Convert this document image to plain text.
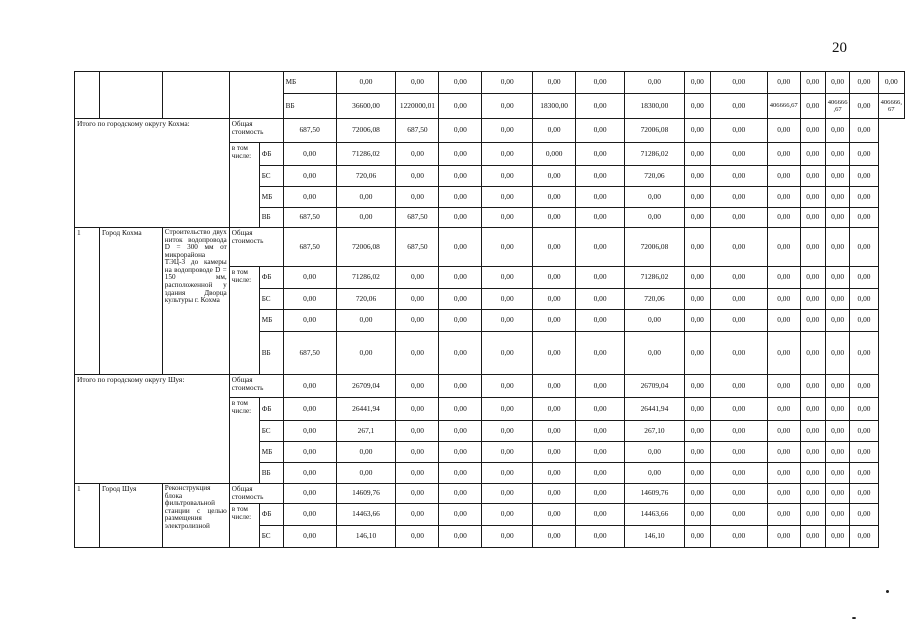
20
					МБ	0,00	0,00	0,00	0,00	0,00	0,00	0,00	0,00	0,00	0,00	0,00	0,00	0,00	0,00
					ВБ	36600,00	1220000,01	0,00	0,00	18300,00	0,00	18300,00	0,00	0,00	406666,67	0,00	406666 ,67	0,00	406666, 67
Итого по городскому округу Кохма:			Общая стоимость		687,50	72006,08	687,50	0,00	0,00	0,00	0,00	72006,08	0,00	0,00	0,00	0,00	0,00	0,00	
			в том числе:	ФБ	0,00	71286,02	0,00	0,00	0,00	0,000	0,00	71286,02	0,00	0,00	0,00	0,00	0,00	0,00	
				БС	0,00	720,06	0,00	0,00	0,00	0,00	0,00	720,06	0,00	0,00	0,00	0,00	0,00	0,00	
				МБ	0,00	0,00	0,00	0,00	0,00	0,00	0,00	0,00	0,00	0,00	0,00	0,00	0,00	0,00	
				ВБ	687,50	0,00	687,50	0,00	0,00	0,00	0,00	0,00	0,00	0,00	0,00	0,00	0,00	0,00	
1	Город Кохма	Строительство двух ниток водопровода D = 300 мм от микрорайона ТЭЦ-3 до камеры на водопроводе D = 150 мм, расположенной у здания Дворца культуры г. Кохма	Общая стоимость		687,50	72006,08	687,50	0,00	0,00	0,00	0,00	72006,08	0,00	0,00	0,00	0,00	0,00	0,00	
			в том числе:	ФБ	0,00	71286,02	0,00	0,00	0,00	0,00	0,00	71286,02	0,00	0,00	0,00	0,00	0,00	0,00	
				БС	0,00	720,06	0,00	0,00	0,00	0,00	0,00	720,06	0,00	0,00	0,00	0,00	0,00	0,00	
				МБ	0,00	0,00	0,00	0,00	0,00	0,00	0,00	0,00	0,00	0,00	0,00	0,00	0,00	0,00	
				ВБ	687,50	0,00	0,00	0,00	0,00	0,00	0,00	0,00	0,00	0,00	0,00	0,00	0,00	0,00	
Итого по городскому округу Шуя:			Общая стоимость		0,00	26709,04	0,00	0,00	0,00	0,00	0,00	26709,04	0,00	0,00	0,00	0,00	0,00	0,00	
			в том числе:	ФБ	0,00	26441,94	0,00	0,00	0,00	0,00	0,00	26441,94	0,00	0,00	0,00	0,00	0,00	0,00	
				БС	0,00	267,1	0,00	0,00	0,00	0,00	0,00	267,10	0,00	0,00	0,00	0,00	0,00	0,00	
				МБ	0,00	0,00	0,00	0,00	0,00	0,00	0,00	0,00	0,00	0,00	0,00	0,00	0,00	0,00	
				ВБ	0,00	0,00	0,00	0,00	0,00	0,00	0,00	0,00	0,00	0,00	0,00	0,00	0,00	0,00	
1	Город Шуя	Реконструкция блока фильтровальной станции с целью размещения электролизной	Общая стоимость		0,00	14609,76	0,00	0,00	0,00	0,00	0,00	14609,76	0,00	0,00	0,00	0,00	0,00	0,00	
			в том числе:	ФБ	0,00	14463,66	0,00	0,00	0,00	0,00	0,00	14463,66	0,00	0,00	0,00	0,00	0,00	0,00	
				БС	0,00	146,10	0,00	0,00	0,00	0,00	0,00	146,10	0,00	0,00	0,00	0,00	0,00	0,00	
